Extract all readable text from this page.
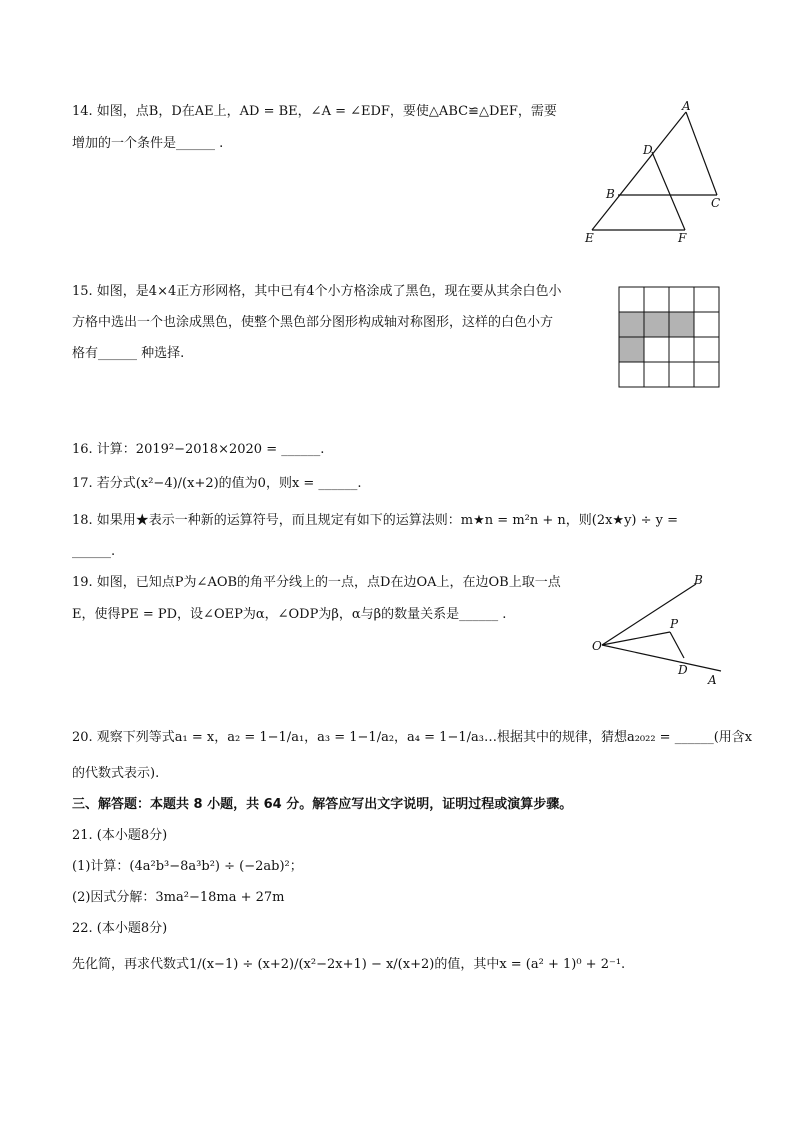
14. 如图，点B，D在AE上，AD = BE，∠A = ∠EDF，要使△ABC≌△DEF，需要
增加的一个条件是______ .
A
D
B
C
E	F
15. 如图，是4×4正方形网格，其中已有4个小方格涂成了黑色，现在要从其余白色小
方格中选出一个也涂成黑色，使整个黑色部分图形构成轴对称图形，这样的白色小方
格有______ 种选择.
16. 计算：2019²−2018×2020 = ______.
17. 若分式(x²−4)/(x+2)的值为0，则x = ______.
18. 如果用★表示一种新的运算符号，而且规定有如下的运算法则：m★n = m²n + n，则(2x★y) ÷ y =
______.
19. 如图，已知点P为∠AOB的角平分线上的一点，点D在边OA上，在边OB上取一点
E，使得PE = PD，设∠OEP为α，∠ODP为β，α与β的数量关系是______ .
B
P
O
D
A
20. 观察下列等式a₁ = x，a₂ = 1−1/a₁，a₃ = 1−1/a₂，a₄ = 1−1/a₃…根据其中的规律，猜想a₂₀₂₂ = ______(用含x
的代数式表示).
三、解答题：本题共 8 小题，共 64 分。解答应写出文字说明，证明过程或演算步骤。
21. (本小题8分)
(1)计算：(4a²b³−8a³b²) ÷ (−2ab)²；
(2)因式分解：3ma²−18ma + 27m
22. (本小题8分)
先化简，再求代数式1/(x−1) ÷ (x+2)/(x²−2x+1) − x/(x+2)的值，其中x = (a² + 1)⁰ + 2⁻¹.
